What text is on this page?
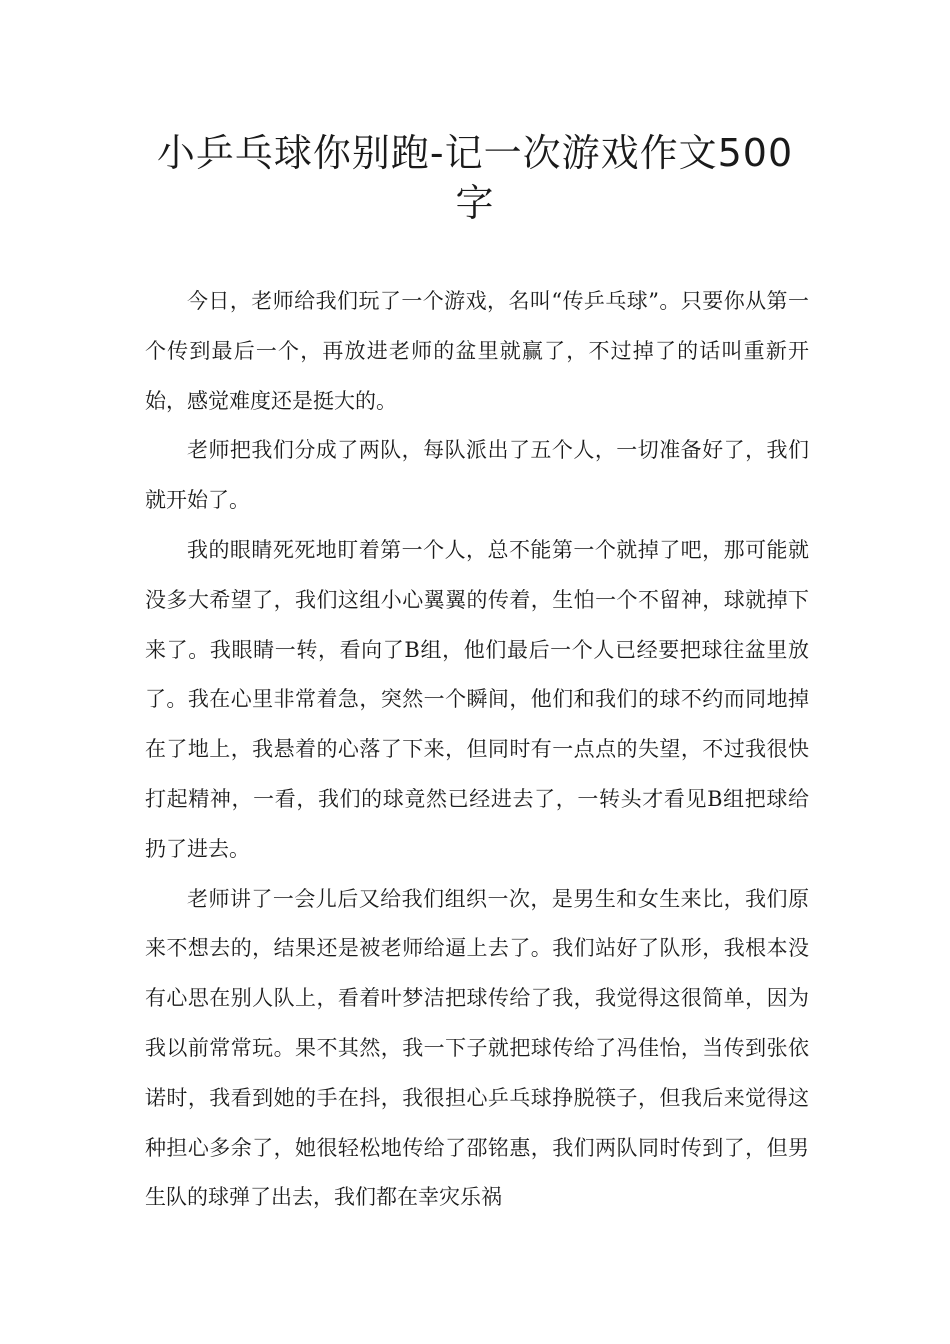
小乒乓球你别跑-记一次游戏作文500字

今日，老师给我们玩了一个游戏，名叫“传乒乓球”。只要你从第一个传到最后一个，再放进老师的盆里就赢了，不过掉了的话叫重新开始，感觉难度还是挺大的。

老师把我们分成了两队，每队派出了五个人，一切准备好了，我们就开始了。

我的眼睛死死地盯着第一个人，总不能第一个就掉了吧，那可能就没多大希望了，我们这组小心翼翼的传着，生怕一个不留神，球就掉下来了。我眼睛一转，看向了B组，他们最后一个人已经要把球往盆里放了。我在心里非常着急，突然一个瞬间，他们和我们的球不约而同地掉在了地上，我悬着的心落了下来，但同时有一点点的失望，不过我很快打起精神，一看，我们的球竟然已经进去了，一转头才看见B组把球给扔了进去。

老师讲了一会儿后又给我们组织一次，是男生和女生来比，我们原来不想去的，结果还是被老师给逼上去了。我们站好了队形，我根本没有心思在别人队上，看着叶梦洁把球传给了我，我觉得这很简单，因为我以前常常玩。果不其然，我一下子就把球传给了冯佳怡，当传到张依诺时，我看到她的手在抖，我很担心乒乓球挣脱筷子，但我后来觉得这种担心多余了，她很轻松地传给了邵铭惠，我们两队同时传到了，但男生队的球弹了出去，我们都在幸灾乐祸
